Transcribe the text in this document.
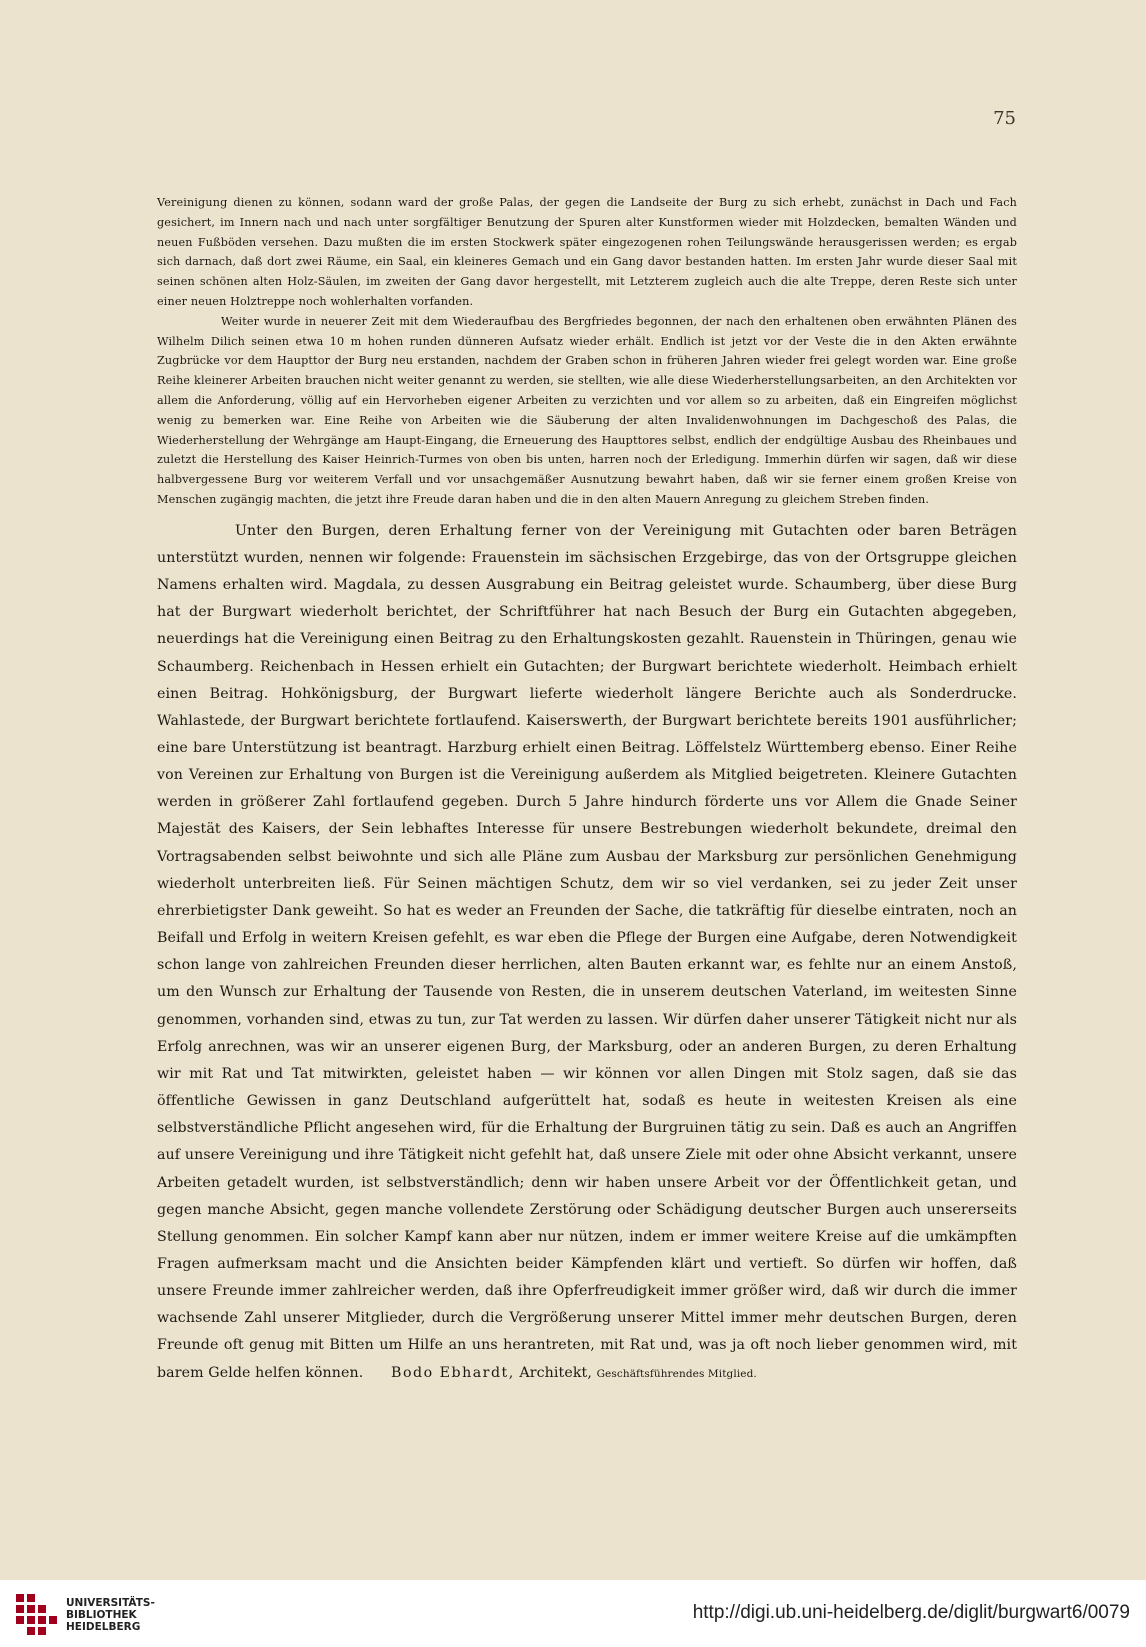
75

Vereinigung dienen zu können, sodann ward der große Palas, der gegen die Landseite der Burg zu sich erhebt, zunächst in Dach und Fach gesichert, im Innern nach und nach unter sorgfältiger Benutzung der Spuren alter Kunstformen wieder mit Holzdecken, bemalten Wänden und neuen Fußböden versehen. Dazu mußten die im ersten Stockwerk später eingezogenen rohen Teilungswände herausgerissen werden; es ergab sich darnach, daß dort zwei Räume, ein Saal, ein kleineres Gemach und ein Gang davor bestanden hatten. Im ersten Jahr wurde dieser Saal mit seinen schönen alten Holz-Säulen, im zweiten der Gang davor hergestellt, mit Letzterem zugleich auch die alte Treppe, deren Reste sich unter einer neuen Holztreppe noch wohlerhalten vorfanden.

Weiter wurde in neuerer Zeit mit dem Wiederaufbau des Bergfriedes begonnen, der nach den erhaltenen oben erwähnten Plänen des Wilhelm Dilich seinen etwa 10 m hohen runden dünneren Aufsatz wieder erhält. Endlich ist jetzt vor der Veste die in den Akten erwähnte Zugbrücke vor dem Haupttor der Burg neu erstanden, nachdem der Graben schon in früheren Jahren wieder frei gelegt worden war. Eine große Reihe kleinerer Arbeiten brauchen nicht weiter genannt zu werden, sie stellten, wie alle diese Wiederherstellungsarbeiten, an den Architekten vor allem die Anforderung, völlig auf ein Hervorheben eigener Arbeiten zu verzichten und vor allem so zu arbeiten, daß ein Eingreifen möglichst wenig zu bemerken war. Eine Reihe von Arbeiten wie die Säuberung der alten Invalidenwohnungen im Dachgeschoß des Palas, die Wiederherstellung der Wehrgänge am Haupt-Eingang, die Erneuerung des Haupttores selbst, endlich der endgültige Ausbau des Rheinbaues und zuletzt die Herstellung des Kaiser Heinrich-Turmes von oben bis unten, harren noch der Erledigung. Immerhin dürfen wir sagen, daß wir diese halbvergessene Burg vor weiterem Verfall und vor unsachgemäßer Ausnutzung bewahrt haben, daß wir sie ferner einem großen Kreise von Menschen zugängig machten, die jetzt ihre Freude daran haben und die in den alten Mauern Anregung zu gleichem Streben finden.

Unter den Burgen, deren Erhaltung ferner von der Vereinigung mit Gutachten oder baren Beträgen unterstützt wurden, nennen wir folgende: Frauenstein im sächsischen Erzgebirge, das von der Ortsgruppe gleichen Namens erhalten wird. Magdala, zu dessen Ausgrabung ein Beitrag geleistet wurde. Schaumberg, über diese Burg hat der Burgwart wiederholt berichtet, der Schriftführer hat nach Besuch der Burg ein Gutachten abgegeben, neuerdings hat die Vereinigung einen Beitrag zu den Erhaltungskosten gezahlt. Rauenstein in Thüringen, genau wie Schaumberg. Reichenbach in Hessen erhielt ein Gutachten; der Burgwart berichtete wiederholt. Heimbach erhielt einen Beitrag. Hohkönigsburg, der Burgwart lieferte wiederholt längere Berichte auch als Sonderdrucke. Wahlastede, der Burgwart berichtete fortlaufend. Kaiserswerth, der Burgwart berichtete bereits 1901 ausführlicher; eine bare Unterstützung ist beantragt. Harzburg erhielt einen Beitrag. Löffelstelz Württemberg ebenso. Einer Reihe von Vereinen zur Erhaltung von Burgen ist die Vereinigung außerdem als Mitglied beigetreten. Kleinere Gutachten werden in größerer Zahl fortlaufend gegeben. Durch 5 Jahre hindurch förderte uns vor Allem die Gnade Seiner Majestät des Kaisers, der Sein lebhaftes Interesse für unsere Bestrebungen wiederholt bekundete, dreimal den Vortragsabenden selbst beiwohnte und sich alle Pläne zum Ausbau der Marksburg zur persönlichen Genehmigung wiederholt unterbreiten ließ. Für Seinen mächtigen Schutz, dem wir so viel verdanken, sei zu jeder Zeit unser ehrerbietigster Dank geweiht. So hat es weder an Freunden der Sache, die tatkräftig für dieselbe eintraten, noch an Beifall und Erfolg in weitern Kreisen gefehlt, es war eben die Pflege der Burgen eine Aufgabe, deren Notwendigkeit schon lange von zahlreichen Freunden dieser herrlichen, alten Bauten erkannt war, es fehlte nur an einem Anstoß, um den Wunsch zur Erhaltung der Tausende von Resten, die in unserem deutschen Vaterland, im weitesten Sinne genommen, vorhanden sind, etwas zu tun, zur Tat werden zu lassen. Wir dürfen daher unserer Tätigkeit nicht nur als Erfolg anrechnen, was wir an unserer eigenen Burg, der Marksburg, oder an anderen Burgen, zu deren Erhaltung wir mit Rat und Tat mitwirkten, geleistet haben — wir können vor allen Dingen mit Stolz sagen, daß sie das öffentliche Gewissen in ganz Deutschland aufgerüttelt hat, sodaß es heute in weitesten Kreisen als eine selbstverständliche Pflicht angesehen wird, für die Erhaltung der Burgruinen tätig zu sein. Daß es auch an Angriffen auf unsere Vereinigung und ihre Tätigkeit nicht gefehlt hat, daß unsere Ziele mit oder ohne Absicht verkannt, unsere Arbeiten getadelt wurden, ist selbstverständlich; denn wir haben unsere Arbeit vor der Öffentlichkeit getan, und gegen manche Absicht, gegen manche vollendete Zerstörung oder Schädigung deutscher Burgen auch unsererseits Stellung genommen. Ein solcher Kampf kann aber nur nützen, indem er immer weitere Kreise auf die umkämpften Fragen aufmerksam macht und die Ansichten beider Kämpfenden klärt und vertieft. So dürfen wir hoffen, daß unsere Freunde immer zahlreicher werden, daß ihre Opferfreudigkeit immer größer wird, daß wir durch die immer wachsende Zahl unserer Mitglieder, durch die Vergrößerung unserer Mittel immer mehr deutschen Burgen, deren Freunde oft genug mit Bitten um Hilfe an uns herantreten, mit Rat und, was ja oft noch lieber genommen wird, mit barem Gelde helfen können. Bodo Ebhardt, Architekt, Geschäftsführendes Mitglied.

UNIVERSITÄTS-
BIBLIOTHEK
HEIDELBERG

http://digi.ub.uni-heidelberg.de/diglit/burgwart6/0079
